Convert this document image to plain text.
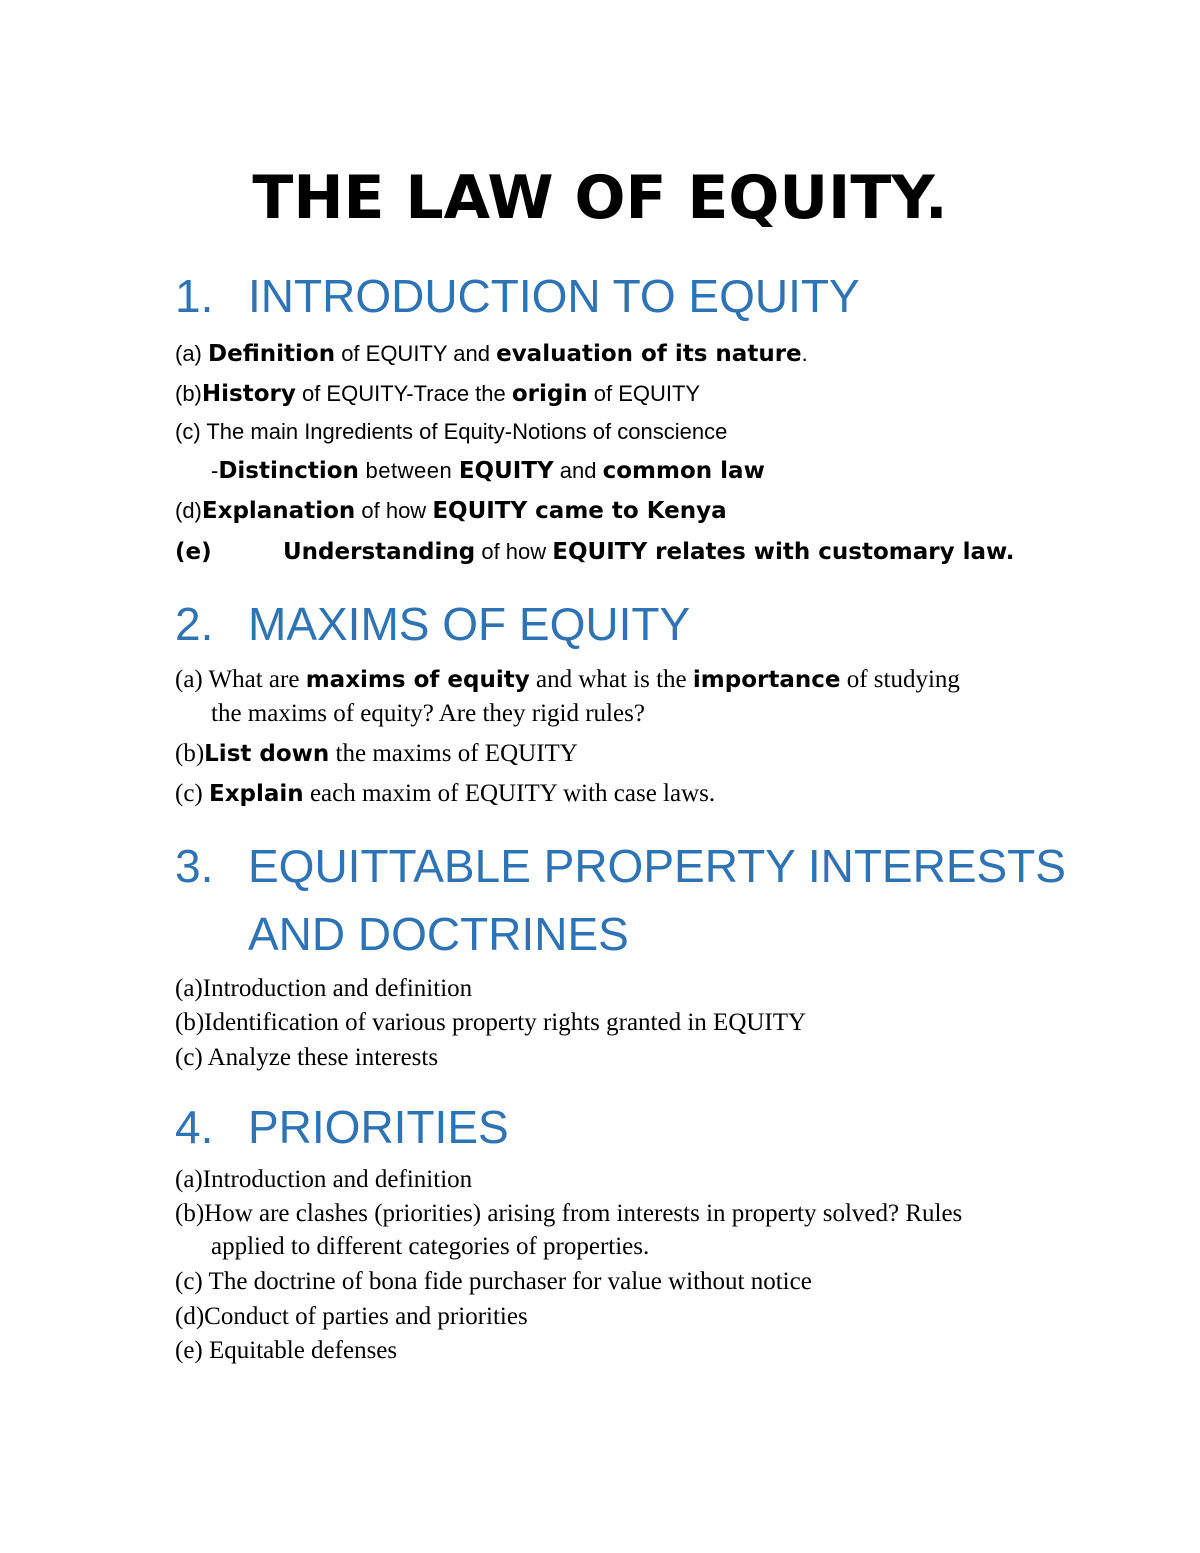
THE LAW OF EQUITY.
1. INTRODUCTION TO EQUITY

(a) Definition of EQUITY and evaluation of its nature.

(b)History of EQUITY-Trace the origin of EQUITY

(c) The main Ingredients of Equity-Notions of conscience
-Distinction between EQUITY and common law

(d)Explanation of how EQUITY came to Kenya

(e)	Understanding of how EQUITY relates with customary law.

2. MAXIMS OF EQUITY

(a) What are maxims of equity and what is the importance of studying
the maxims of equity? Are they rigid rules?

(b)List down the maxims of EQUITY

(c) Explain each maxim of EQUITY with case laws.

3. EQUITTABLE PROPERTY INTERESTS
AND DOCTRINES

(a)Introduction and definition

(b)Identification of various property rights granted in EQUITY

(c) Analyze these interests

4. PRIORITIES

(a)Introduction and definition

(b)How are clashes (priorities) arising from interests in property solved? Rules
applied to different categories of properties.

(c) The doctrine of bona fide purchaser for value without notice

(d)Conduct of parties and priorities

(e) Equitable defenses
